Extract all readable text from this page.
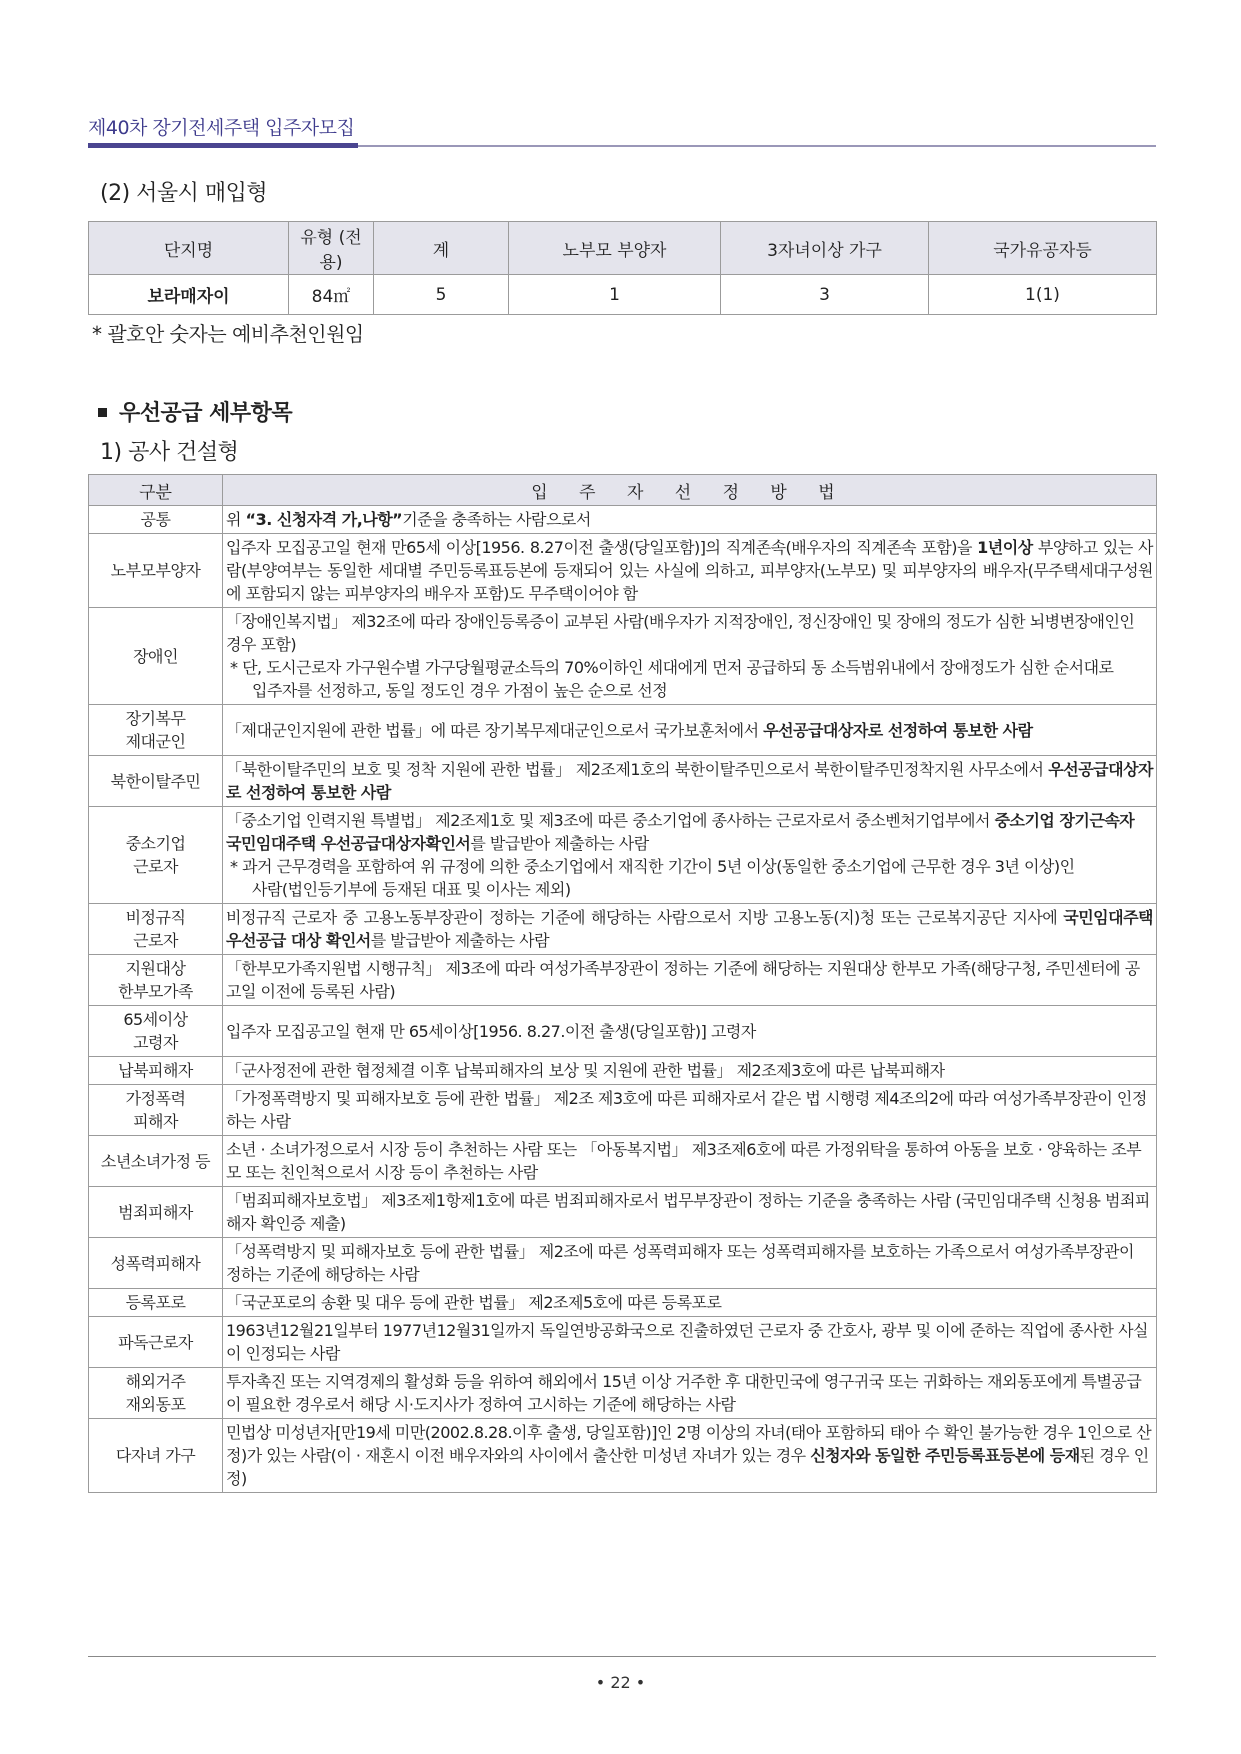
제40차 장기전세주택 입주자모집
(2) 서울시 매입형
단지명	유형 (전용)	계	노부모 부양자	3자녀이상 가구	국가유공자등
보라매자이	84㎡	5	1	3	1(1)
* 괄호안 숫자는 예비추천인원임
우선공급 세부항목
1) 공사 건설형
구분	입 주 자 선 정 방 법
공통	위 “3. 신청자격 가,나항”기준을 충족하는 사람으로서
노부모부양자	입주자 모집공고일 현재 만65세 이상[1956. 8.27이전 출생(당일포함)]의 직계존속(배우자의 직계존속 포함)을 1년이상 부양하고 있는 사람(부양여부는 동일한 세대별 주민등록표등본에 등재되어 있는 사실에 의하고, 피부양자(노부모) 및 피부양자의 배우자(무주택세대구성원에 포함되지 않는 피부양자의 배우자 포함)도 무주택이어야 함
장애인	「장애인복지법」 제32조에 따라 장애인등록증이 교부된 사람(배우자가 지적장애인, 정신장애인 및 장애의 정도가 심한 뇌병변장애인인 경우 포함)
* 단, 도시근로자 가구원수별 가구당월평균소득의 70%이하인 세대에게 먼저 공급하되 동 소득범위내에서 장애정도가 심한 순서대로
입주자를 선정하고, 동일 정도인 경우 가점이 높은 순으로 선정

장기복무
제대군인	「제대군인지원에 관한 법률」에 따른 장기복무제대군인으로서 국가보훈처에서 우선공급대상자로 선정하여 통보한 사람
북한이탈주민	「북한이탈주민의 보호 및 정착 지원에 관한 법률」 제2조제1호의 북한이탈주민으로서 북한이탈주민정착지원 사무소에서 우선공급대상자로 선정하여 통보한 사람
중소기업
근로자	「중소기업 인력지원 특별법」 제2조제1호 및 제3조에 따른 중소기업에 종사하는 근로자로서 중소벤처기업부에서 중소기업 장기근속자 국민임대주택 우선공급대상자확인서를 발급받아 제출하는 사람
* 과거 근무경력을 포함하여 위 규정에 의한 중소기업에서 재직한 기간이 5년 이상(동일한 중소기업에 근무한 경우 3년 이상)인
사람(법인등기부에 등재된 대표 및 이사는 제외)

비정규직
근로자	비정규직 근로자 중 고용노동부장관이 정하는 기준에 해당하는 사람으로서 지방 고용노동(지)청 또는 근로복지공단 지사에 국민임대주택 우선공급 대상 확인서를 발급받아 제출하는 사람
지원대상
한부모가족	「한부모가족지원법 시행규칙」 제3조에 따라 여성가족부장관이 정하는 기준에 해당하는 지원대상 한부모 가족(해당구청, 주민센터에 공고일 이전에 등록된 사람)
65세이상
고령자	입주자 모집공고일 현재 만 65세이상[1956. 8.27.이전 출생(당일포함)] 고령자
납북피해자	「군사정전에 관한 협정체결 이후 납북피해자의 보상 및 지원에 관한 법률」 제2조제3호에 따른 납북피해자
가정폭력
피해자	「가정폭력방지 및 피해자보호 등에 관한 법률」 제2조 제3호에 따른 피해자로서 같은 법 시행령 제4조의2에 따라 여성가족부장관이 인정하는 사람
소년소녀가정 등	소년 · 소녀가정으로서 시장 등이 추천하는 사람 또는 「아동복지법」 제3조제6호에 따른 가정위탁을 통하여 아동을 보호 · 양육하는 조부모 또는 친인척으로서 시장 등이 추천하는 사람
범죄피해자	「범죄피해자보호법」 제3조제1항제1호에 따른 범죄피해자로서 법무부장관이 정하는 기준을 충족하는 사람 (국민임대주택 신청용 범죄피해자 확인증 제출)
성폭력피해자	「성폭력방지 및 피해자보호 등에 관한 법률」 제2조에 따른 성폭력피해자 또는 성폭력피해자를 보호하는 가족으로서 여성가족부장관이 정하는 기준에 해당하는 사람
등록포로	「국군포로의 송환 및 대우 등에 관한 법률」 제2조제5호에 따른 등록포로
파독근로자	1963년12월21일부터 1977년12월31일까지 독일연방공화국으로 진출하였던 근로자 중 간호사, 광부 및 이에 준하는 직업에 종사한 사실이 인정되는 사람
해외거주
재외동포	투자촉진 또는 지역경제의 활성화 등을 위하여 해외에서 15년 이상 거주한 후 대한민국에 영구귀국 또는 귀화하는 재외동포에게 특별공급이 필요한 경우로서 해당 시·도지사가 정하여 고시하는 기준에 해당하는 사람
다자녀 가구	민법상 미성년자[만19세 미만(2002.8.28.이후 출생, 당일포함)]인 2명 이상의 자녀(태아 포함하되 태아 수 확인 불가능한 경우 1인으로 산정)가 있는 사람(이 · 재혼시 이전 배우자와의 사이에서 출산한 미성년 자녀가 있는 경우 신청자와 동일한 주민등록표등본에 등재된 경우 인정)
• 22 •
